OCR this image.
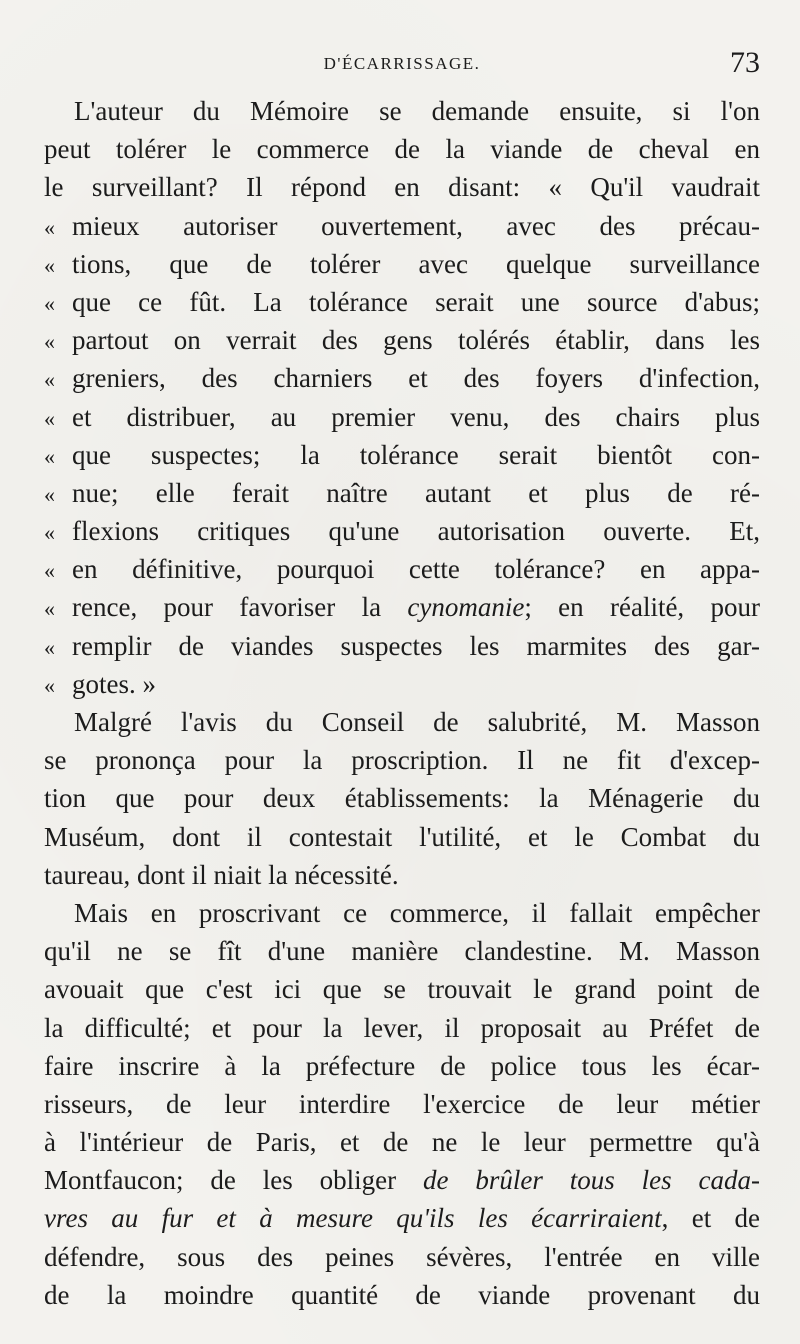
D'ÉCARRISSAGE.	73
L'auteur du Mémoire se demande ensuite, si l'on
peut tolérer le commerce de la viande de cheval en
le surveillant? Il répond en disant: « Qu'il vaudrait
« mieux autoriser ouvertement, avec des précau-
« tions, que de tolérer avec quelque surveillance
« que ce fût. La tolérance serait une source d'abus;
« partout on verrait des gens tolérés établir, dans les
« greniers, des charniers et des foyers d'infection,
« et distribuer, au premier venu, des chairs plus
« que suspectes; la tolérance serait bientôt con-
« nue; elle ferait naître autant et plus de ré-
« flexions critiques qu'une autorisation ouverte. Et,
« en définitive, pourquoi cette tolérance? en appa-
« rence, pour favoriser la cynomanie; en réalité, pour
« remplir de viandes suspectes les marmites des gar-
« gotes. »
Malgré l'avis du Conseil de salubrité, M. Masson
se prononça pour la proscription. Il ne fit d'excep-
tion que pour deux établissements: la Ménagerie du
Muséum, dont il contestait l'utilité, et le Combat du
taureau, dont il niait la nécessité.
Mais en proscrivant ce commerce, il fallait empêcher
qu'il ne se fît d'une manière clandestine. M. Masson
avouait que c'est ici que se trouvait le grand point de
la difficulté; et pour la lever, il proposait au Préfet de
faire inscrire à la préfecture de police tous les écar-
risseurs, de leur interdire l'exercice de leur métier
à l'intérieur de Paris, et de ne le leur permettre qu'à
Montfaucon; de les obliger de brûler tous les cada-
vres au fur et à mesure qu'ils les écarriraient, et de
défendre, sous des peines sévères, l'entrée en ville
de la moindre quantité de viande provenant du
